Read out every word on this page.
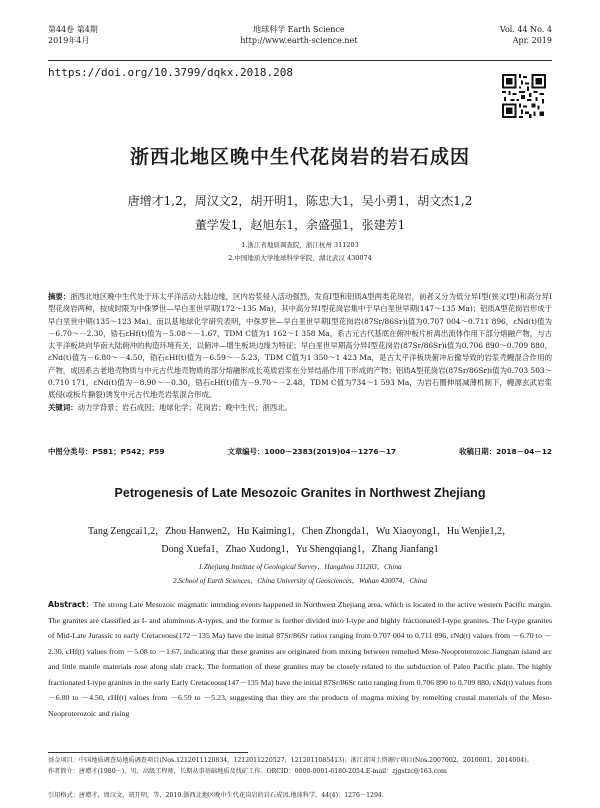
第44卷 第4期
2019年4月
地球科学 Earth Science
http://www.earth-science.net
Vol. 44 No. 4
Apr. 2019
https://doi.org/10.3799/dqkx.2018.208
浙西北地区晚中生代花岗岩的岩石成因
唐增才1,2，周汉文2，胡开明1，陈忠大1，吴小勇1，胡文杰1,2
董学发1，赵旭东1，余盛强1，张建芳1
1.浙江省地质调查院，浙江杭州 311203
2.中国地质大学地球科学学院，湖北武汉 430074
摘要：浙西北地区晚中生代处于环太平洋活动大陆边缘，区内岩浆侵入活动强烈，发育I型和铝质A型两类花岗岩，前者又分为低分异I型(狭义I型)和高分异I型花岗岩两种，按成时限为中侏罗世—早白垩世早期(172～135 Ma)，其中高分异I型花岗岩集中于早白垩世早期(147～135 Ma)；铝质A型花岗岩形成于早白垩世中期(135～123 Ma)。而以基地球化学研究表明，中侏罗世—早白垩世早期I型花岗岩(87Sr/86Sr)i值为0.707 004～0.711 896，εNd(t)值为－6.70～－2.30，锆石εHf(t)值为－5.08～－1.67，TDM C值为1 162～1 358 Ma，系古元古代基底在俯冲板片析离出流体作用下部分熔融产物，与古太平洋板块向华南大陆俯冲的构造环境有关，以俯冲—增生板块边缘为特征；早白垩世早期高分异I型花岗岩(87Sr/86Sr)i值为0.706 890～0.709 880，εNd(t)值为－6.80～－4.50，锆石εHf(t)值为－6.59～－5.23，TDM C值为1 350～1 423 Ma，是古太平洋板块俯冲后撤导致的岩浆壳幔混合作用的产物，成因系古老地壳物质与中元古代地壳物质的部分熔融形成长英质岩浆在分异结晶作用下形成的产物；铝质A型花岗岩(87Sr/86Sr)i值为0.703 503～0.710 171，εNd(t)值为－8.90～－0.30，锆石εHf(t)值为－9.70～－2.48，TDM C值为734～1 593 Ma，为岩石圈伸展减薄机制下，幔源玄武岩浆底侵(或板片撕裂)诱发中元古代地壳岩浆混合形成。
关键词：动力学背景；岩石成因；地球化学；花岗岩；晚中生代；浙西北。
中图分类号：P581；P542；P59	文章编号：1000－2383(2019)04－1276－17	收稿日期：2018－04－12
Petrogenesis of Late Mesozoic Granites in Northwest Zhejiang
Tang Zengcai1,2，Zhou Hanwen2，Hu Kaiming1，Chen Zhongda1，Wu Xiaoyong1，Hu Wenjie1,2，
Dong Xuefa1，Zhao Xudong1，Yu Shengqiang1，Zhang Jianfang1
1.Zhejiang Institute of Geological Survey，Hangzhou 311203，China
2.School of Earth Sciences，China University of Geosciences，Wuhan 430074，China
Abstract：The strong Late Mesozoic magmatic intruding events happened in Northwest Zhejiang area, which is located in the active western Pacific margin. The granites are classified as I- and aluminous A-types, and the former is further divided into I-type and highly fractionated I-type granites. The I-type granites of Mid-Late Jurassic to early Cretaceous(172－135 Ma) have the initial 87Sr/86Sr ratios ranging from 0.707 004 to 0.711 896, εNd(t) values from －6.70 to －2.30, εHf(t) values from －5.08 to －1.67, indicating that these granites are originated from mixing between remelted Meso-Neoproterozoic Jiangnan island arc and little mantle materials rose along slab crack. The formation of these granites may be closely related to the subduction of Paleo Pacific plate. The highly fractionated I-type granites in the early Early Cretaceous(147－135 Ma) have the initial 87Sr/86Sr ratio ranging from 0.706 890 to 0.709 880, εNd(t) values from －6.80 to －4.50, εHf(t) values from －6.59 to －5.23, suggesting that they are the products of magma mixing by remelting crustal materials of the Meso-Neoproterozoic and rising
基金项目：中国地质调查局地质调查项目(Nos.1212011120834，1212011220527，1212011085413)；浙江省国土资源厅项目(Nos.2007002，2010001，2014004)。
作者简介：唐增才(1980－)，男，高级工程师，长期从事基础地质及找矿工作。ORCID：0000-0001-6180-2054.E-mail：zjgstzc@163.com
引用格式：唐增才，周汉文，胡开明，等，2019.浙西北地区晚中生代花岗岩的岩石成因.地球科学，44(4)：1276－1294.
